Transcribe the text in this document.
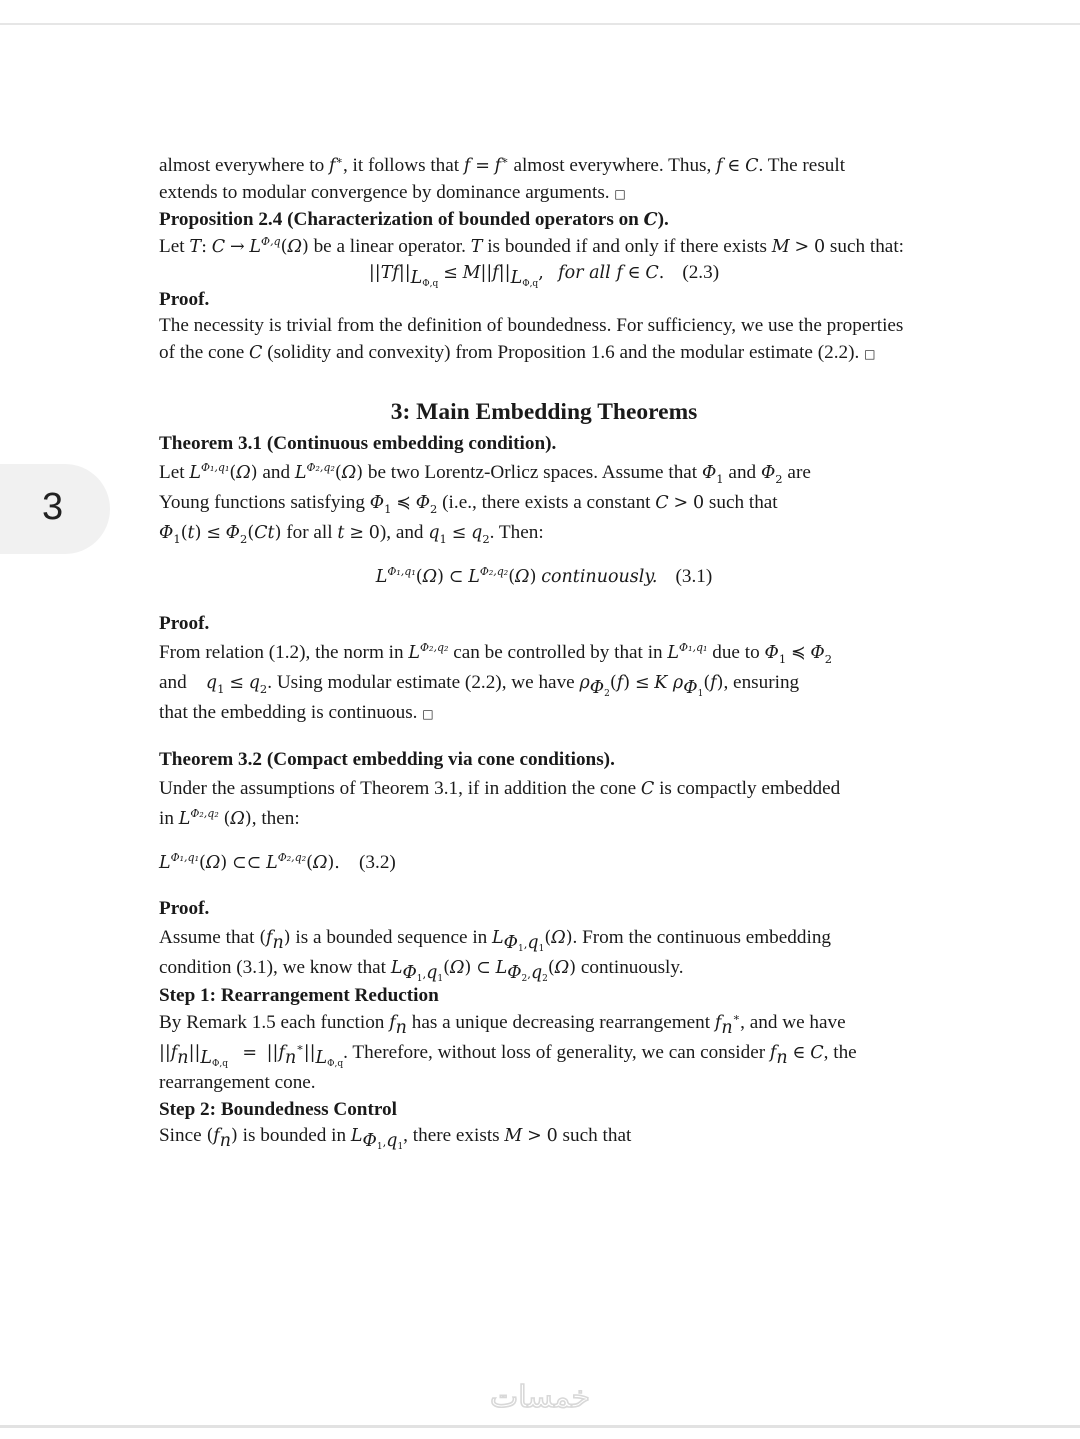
3

almost everywhere to f∗, it follows that f = f∗ almost everywhere. Thus, f ∈ C. The result
extends to modular convergence by dominance arguments. □

Proposition 2.4 (Characterization of bounded operators on C).
Let T: $C \to L^{\Phi,q}(\Omega)$ be a linear operator. T is bounded if and only if there exists M > 0 such that:

$||Tf||_{L_{\Phi,q}} \le M||f||_{L_{\Phi,q}}$, for all f ∈ C. (2.3)

Proof.
The necessity is trivial from the definition of boundedness. For sufficiency, we use the properties
of the cone C (solidity and convexity) from Proposition 1.6 and the modular estimate (2.2). □

3: Main Embedding Theorems

Theorem 3.1 (Continuous embedding condition).
Let $L^{\Phi_1,q_1}(\Omega)$ and $L^{\Phi_2,q_2}(\Omega)$ be two Lorentz-Orlicz spaces. Assume that $\Phi_1$ and $\Phi_2$ are
Young functions satisfying $\Phi_1$ ≼ $\Phi_2$ (i.e., there exists a constant C > 0 such that
$\Phi_1(t) \le \Phi_2(Ct)$ for all t ≥ 0), and $q_1 \le q_2$. Then:

$L^{\Phi_1,q_1}(\Omega)$ ⊂ $L^{\Phi_2,q_2}(\Omega)$ continuously. (3.1)

Proof.
From relation (1.2), the norm in $L^{\Phi_2,q_2}$ can be controlled by that in $L^{\Phi_1,q_1}$ due to $\Phi_1$ ≼ $\Phi_2$
and    $q_1 \le q_2$. Using modular estimate (2.2), we have $\rho_{\Phi_2}(f) \le K$ $\rho_{\Phi_1}(f)$, ensuring
that the embedding is continuous. □

Theorem 3.2 (Compact embedding via cone conditions).
Under the assumptions of Theorem 3.1, if in addition the cone C is compactly embedded
in $L^{\Phi_2,q_2}$ (Ω), then:

$L^{\Phi_1,q_1}(\Omega)$ ⊂⊂ $L^{\Phi_2,q_2}(\Omega)$. (3.2)

Proof.
Assume that $(f_n)$ is a bounded sequence in $L_{\Phi_1,q_1}(\Omega)$. From the continuous embedding
condition (3.1), we know that $L_{\Phi_1,q_1}(\Omega)$ ⊂ $L_{\Phi_2,q_2}(\Omega)$ continuously.

Step 1: Rearrangement Reduction
By Remark 1.5 each function $f_n$ has a unique decreasing rearrangement $f_n^∗$, and we have
$||f_n||_{L_{\Phi,q}} = ||f_n^∗||_{L_{\Phi,q}}$. Therefore, without loss of generality, we can consider $f_n$ ∈ C, the
rearrangement cone.

Step 2: Boundedness Control
Since $(f_n)$ is bounded in $L_{\Phi_1,q_1}$, there exists M > 0 such that

خمسات
